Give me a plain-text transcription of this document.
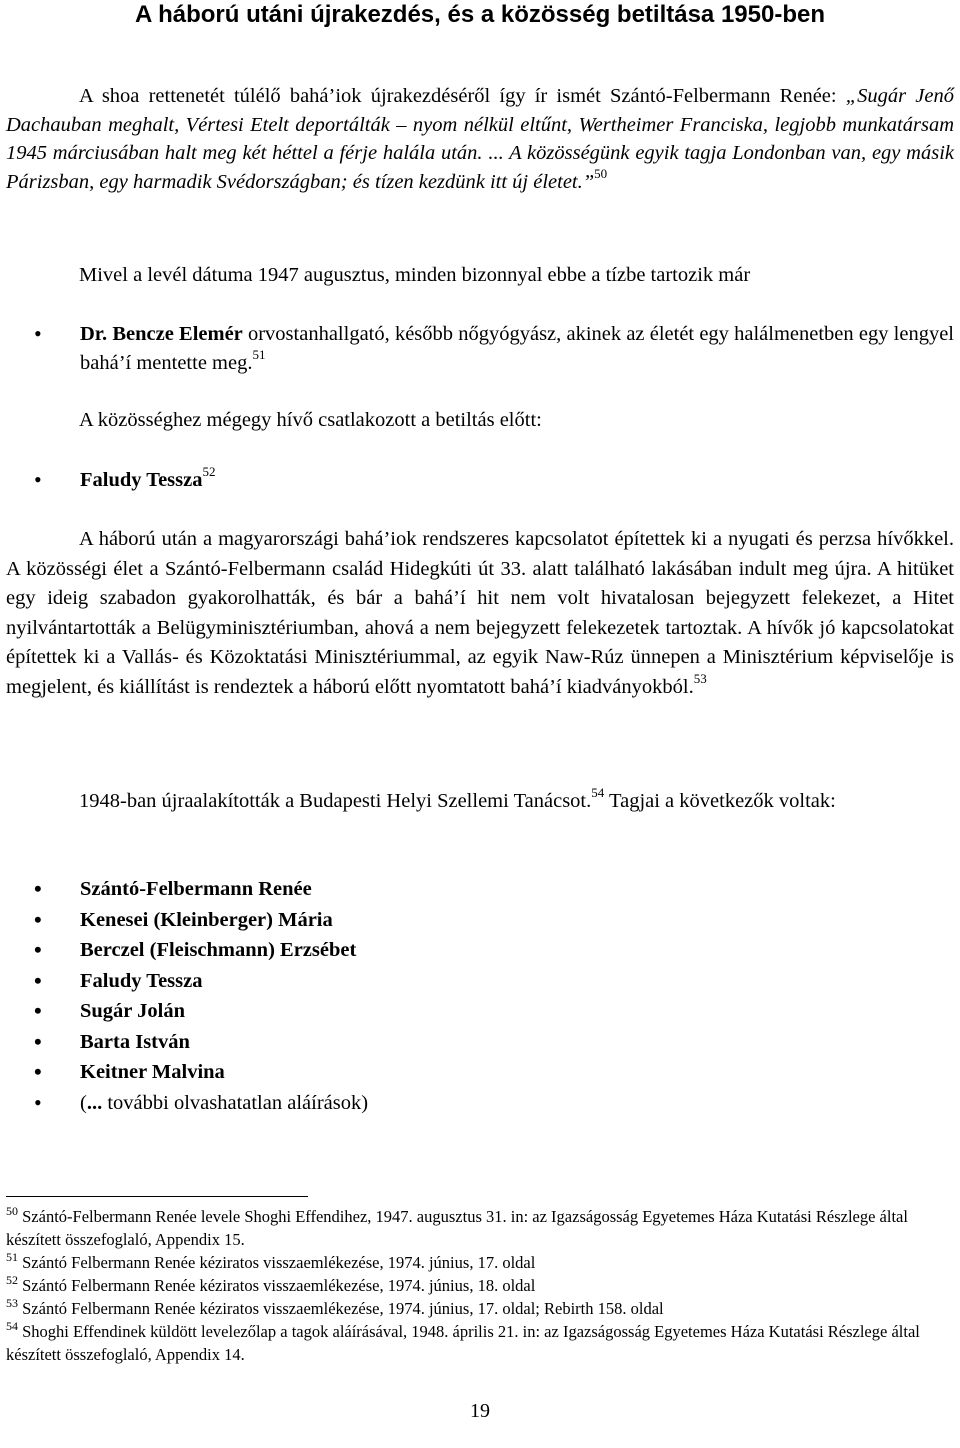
A háború utáni újrakezdés, és a közösség betiltása 1950-ben
A shoa rettenetét túlélő bahá’iok újrakezdéséről így ír ismét Szántó-Felbermann Renée: „Sugár Jenő Dachauban meghalt, Vértesi Etelt deportálták – nyom nélkül eltűnt, Wertheimer Franciska, legjobb munkatársam 1945 márciusában halt meg két héttel a férje halála után. ... A közösségünk egyik tagja Londonban van, egy másik Párizsban, egy harmadik Svédországban; és tízen kezdünk itt új életet.”$^{50}$
Mivel a levél dátuma 1947 augusztus, minden bizonnyal ebbe a tízbe tartozik már
• Dr. Bencze Elemér orvostanhallgató, később nőgyógyász, akinek az életét egy halálmenetben egy lengyel bahá’í mentette meg.$^{51}$
A közösséghez mégegy hívő csatlakozott a betiltás előtt:
• Faludy Tessza$^{52}$
A háború után a magyarországi bahá’iok rendszeres kapcsolatot építettek ki a nyugati és perzsa hívőkkel. A közösségi élet a Szántó-Felbermann család Hidegkúti út 33. alatt található lakásában indult meg újra. A hitüket egy ideig szabadon gyakorolhatták, és bár a bahá’í hit nem volt hivatalosan bejegyzett felekezet, a Hitet nyilvántartották a Belügyminisztériumban, ahová a nem bejegyzett felekezetek tartoztak. A hívők jó kapcsolatokat építettek ki a Vallás- és Közoktatási Minisztériummal, az egyik Naw-Rúz ünnepen a Minisztérium képviselője is megjelent, és kiállítást is rendeztek a háború előtt nyomtatott bahá’í kiadványokból.$^{53}$
1948-ban újraalakították a Budapesti Helyi Szellemi Tanácsot.$^{54}$ Tagjai a következők voltak:
• Szántó-Felbermann Renée
• Kenesei (Kleinberger) Mária
• Berczel (Fleischmann) Erzsébet
• Faludy Tessza
• Sugár Jolán
• Barta István
• Keitner Malvina
• (... további olvashatatlan aláírások)
$^{50}$ Szántó-Felbermann Renée levele Shoghi Effendihez, 1947. augusztus 31. in: az Igazságosság Egyetemes Háza Kutatási Részlege által készített összefoglaló, Appendix 15.
$^{51}$ Szántó Felbermann Renée kéziratos visszaemlékezése, 1974. június, 17. oldal
$^{52}$ Szántó Felbermann Renée kéziratos visszaemlékezése, 1974. június, 18. oldal
$^{53}$ Szántó Felbermann Renée kéziratos visszaemlékezése, 1974. június, 17. oldal; Rebirth 158. oldal
$^{54}$ Shoghi Effendinek küldött levelezőlap a tagok aláírásával, 1948. április 21. in: az Igazságosság Egyetemes Háza Kutatási Részlege által készített összefoglaló, Appendix 14.
19
